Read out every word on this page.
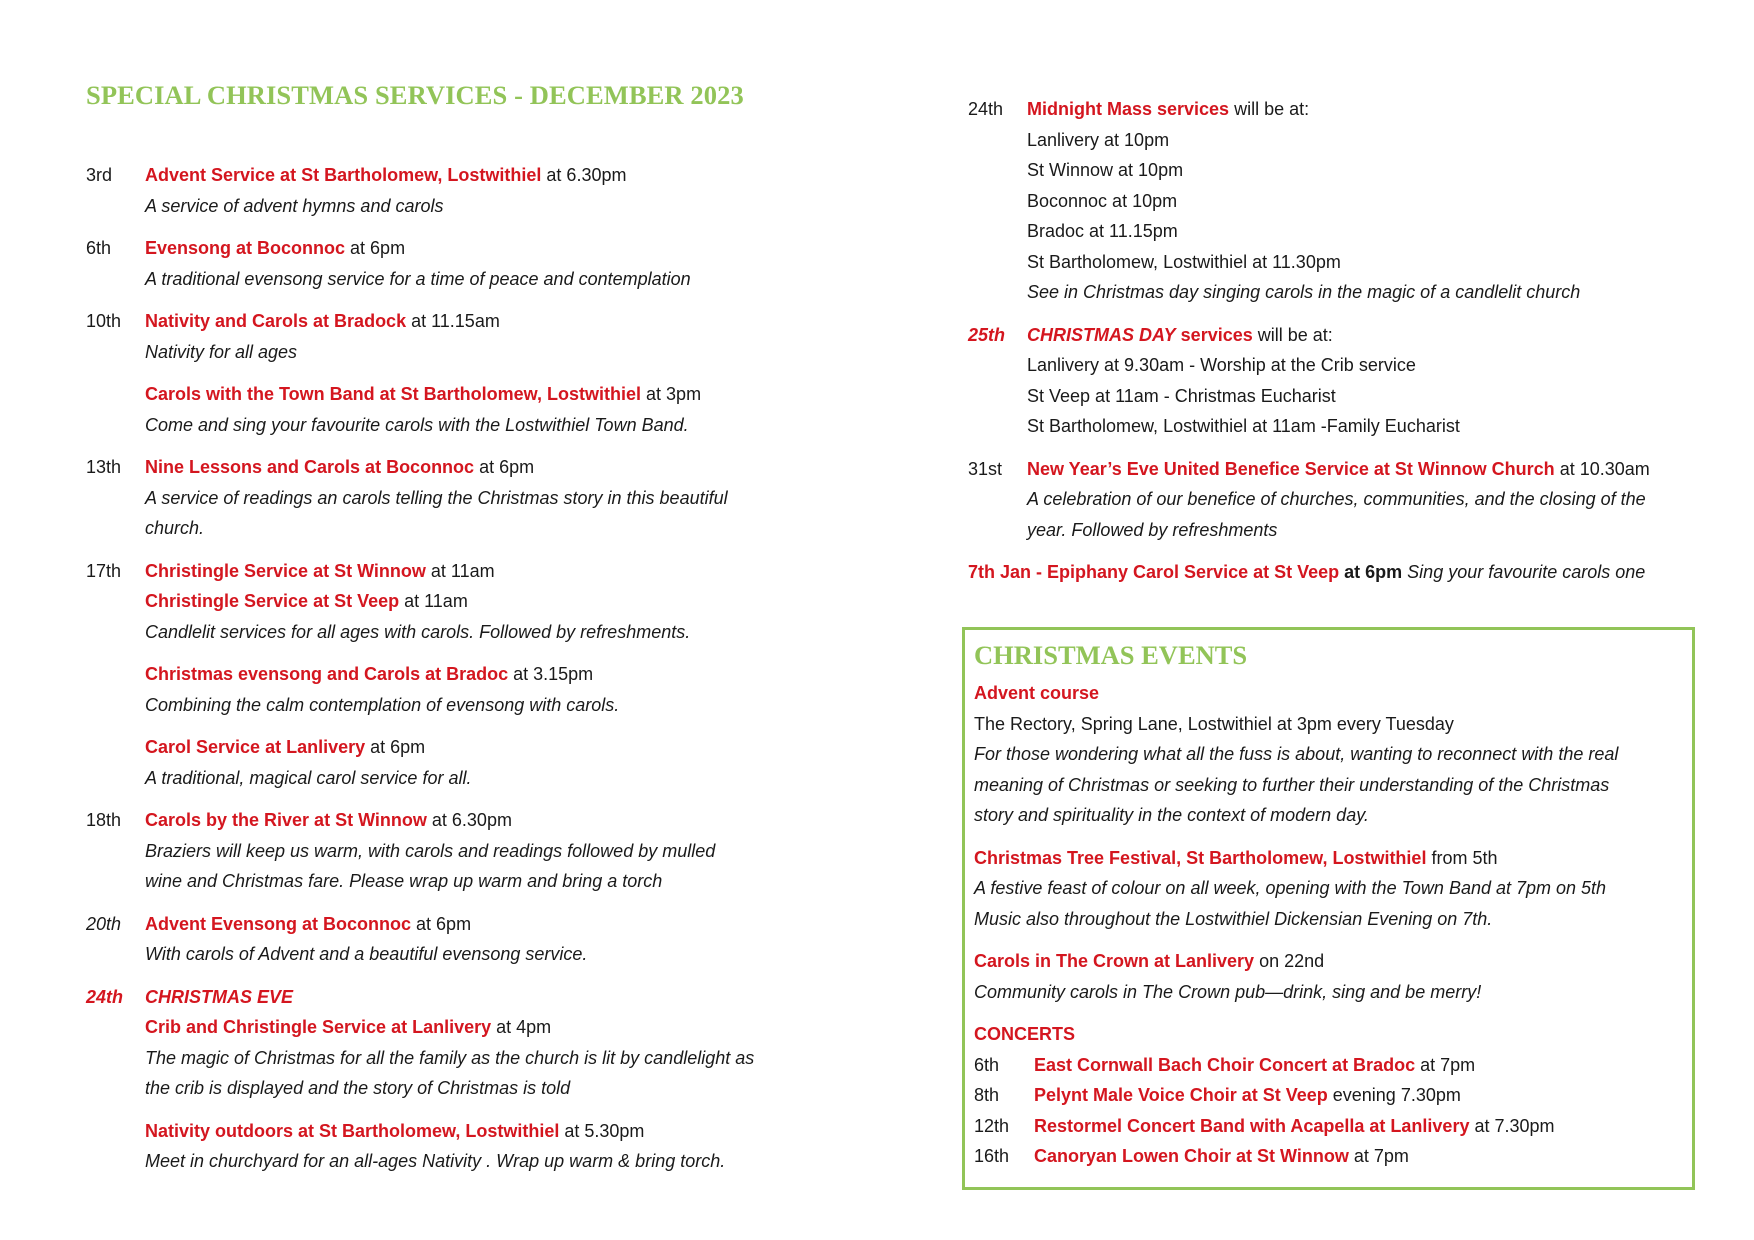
SPECIAL CHRISTMAS SERVICES - DECEMBER 2023
3rd	Advent Service at St Bartholomew, Lostwithiel at 6.30pm
A service of advent hymns and carols
6th	Evensong at Boconnoc at 6pm
A traditional evensong service for a time of peace and contemplation
10th	Nativity and Carols at Bradock at 11.15am
Nativity for all ages
Carols with the Town Band at St Bartholomew, Lostwithiel at 3pm
Come and sing your favourite carols with the Lostwithiel Town Band.
13th	Nine Lessons and Carols at Boconnoc at 6pm
A service of readings an carols telling the Christmas story in this beautiful
church.
17th	Christingle Service at St Winnow at 11am
Christingle Service at St Veep at 11am
Candlelit services for all ages with carols. Followed by refreshments.
Christmas evensong and Carols at Bradoc at 3.15pm
Combining the calm contemplation of evensong with carols.
Carol Service at Lanlivery at 6pm
A traditional, magical carol service for all.
18th	Carols by the River at St Winnow at 6.30pm
Braziers will keep us warm, with carols and readings followed by mulled
wine and Christmas fare. Please wrap up warm and bring a torch
20th	Advent Evensong at Boconnoc at 6pm
With carols of Advent and a beautiful evensong service.
24th	CHRISTMAS EVE
Crib and Christingle Service at Lanlivery at 4pm
The magic of Christmas for all the family as the church is lit by candlelight as
the crib is displayed and the story of Christmas is told
Nativity outdoors at St Bartholomew, Lostwithiel at 5.30pm
Meet in churchyard for an all-ages Nativity . Wrap up warm & bring torch.
24th	Midnight Mass services will be at:
Lanlivery at 10pm
St Winnow at 10pm
Boconnoc at 10pm
Bradoc at 11.15pm
St Bartholomew, Lostwithiel at 11.30pm
See in Christmas day singing carols in the magic of a candlelit church
25th	CHRISTMAS DAY services will be at:
Lanlivery at 9.30am - Worship at the Crib service
St Veep at 11am - Christmas Eucharist
St Bartholomew, Lostwithiel at 11am -Family Eucharist
31st	New Year’s Eve United Benefice Service at St Winnow Church at 10.30am
A celebration of our benefice of churches, communities, and the closing of the
year. Followed by refreshments
7th Jan - Epiphany Carol Service at St Veep at 6pm Sing your favourite carols one
CHRISTMAS EVENTS
Advent course
The Rectory, Spring Lane, Lostwithiel at 3pm every Tuesday
For those wondering what all the fuss is about, wanting to reconnect with the real
meaning of Christmas or seeking to further their understanding of the Christmas
story and spirituality in the context of modern day.
Christmas Tree Festival, St Bartholomew, Lostwithiel from 5th
A festive feast of colour on all week, opening with the Town Band at 7pm on 5th
Music also throughout the Lostwithiel Dickensian Evening on 7th.
Carols in The Crown at Lanlivery on 22nd
Community carols in The Crown pub—drink, sing and be merry!
CONCERTS
6th	East Cornwall Bach Choir Concert at Bradoc at 7pm
8th	Pelynt Male Voice Choir at St Veep evening 7.30pm
12th	Restormel Concert Band with Acapella at Lanlivery at 7.30pm
16th	Canoryan Lowen Choir at St Winnow at 7pm
